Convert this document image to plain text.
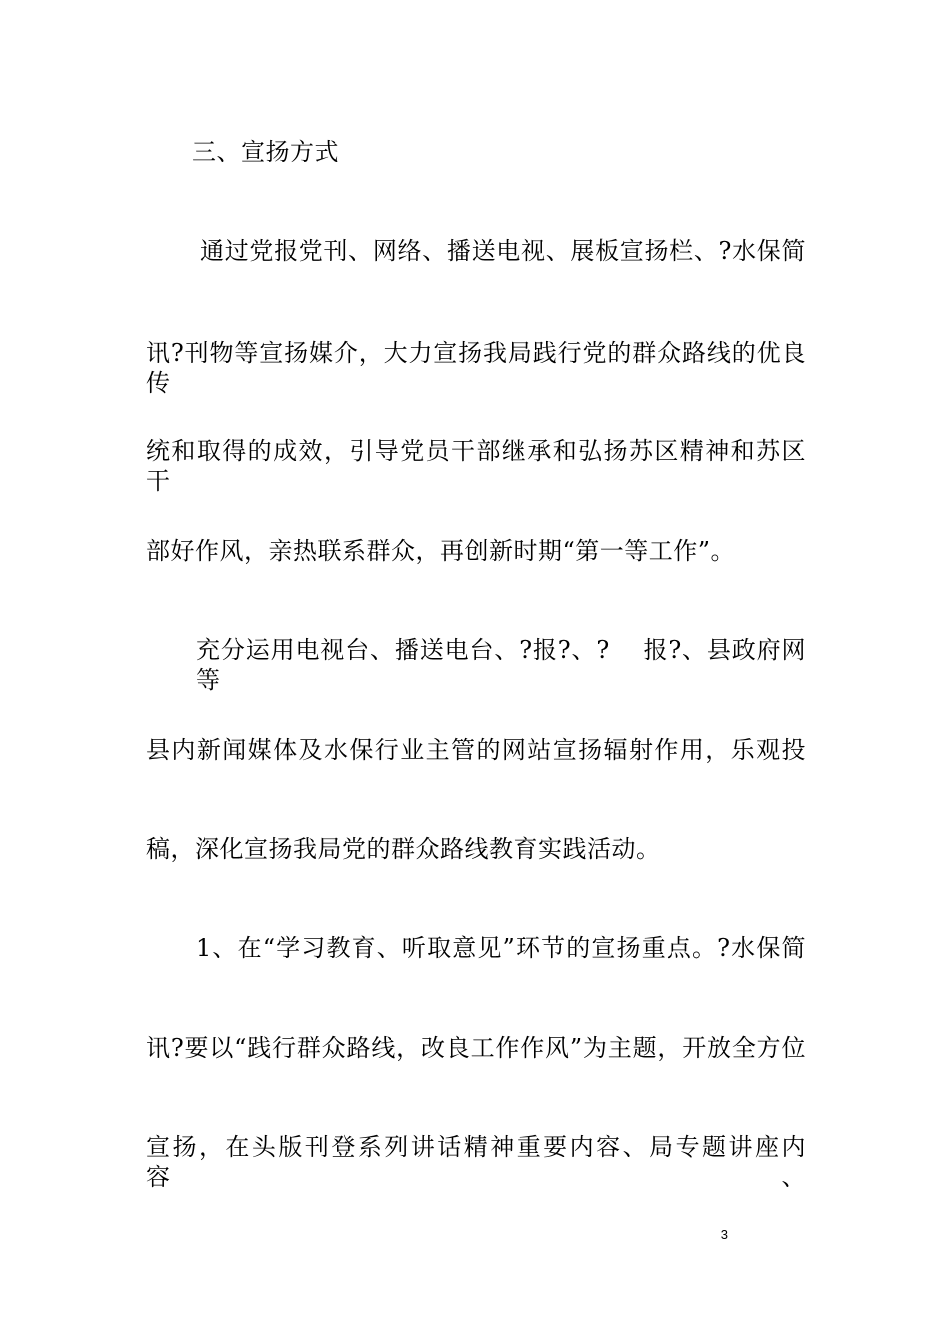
三、宣扬方式
通过党报党刊、网络、播送电视、展板宣扬栏、?水保简
讯?刊物等宣扬媒介，大力宣扬我局践行党的群众路线的优良传
统和取得的成效，引导党员干部继承和弘扬苏区精神和苏区干
部好作风，亲热联系群众，再创新时期“第一等工作”。
充分运用电视台、播送电台、?报?、?　 报?、县政府网等
县内新闻媒体及水保行业主管的网站宣扬辐射作用，乐观投
稿，深化宣扬我局党的群众路线教育实践活动。
1、在“学习教育、听取意见”环节的宣扬重点。?水保简
讯?要以“践行群众路线，改良工作作风”为主题，开放全方位
宣扬，在头版刊登系列讲话精神重要内容、局专题讲座内容、
3
